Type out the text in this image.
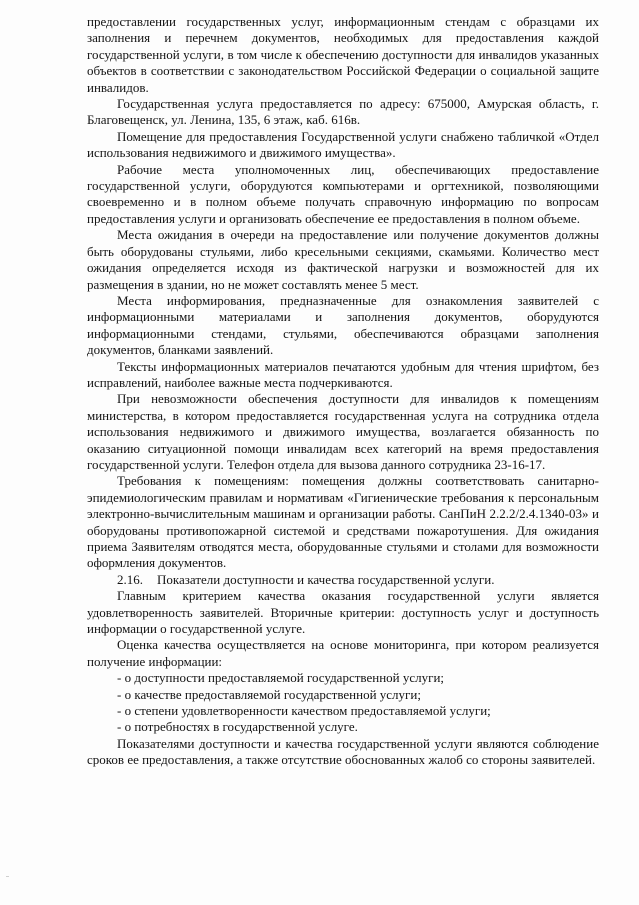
предоставлении государственных услуг, информационным стендам с образцами их заполнения и перечнем документов, необходимых для предоставления каждой государственной услуги, в том числе к обеспечению доступности для инвалидов указанных объектов в соответствии с законодательством Российской Федерации о социальной защите инвалидов.

Государственная услуга предоставляется по адресу: 675000, Амурская область, г. Благовещенск, ул. Ленина, 135, 6 этаж, каб. 616в.

Помещение для предоставления Государственной услуги снабжено табличкой «Отдел использования недвижимого и движимого имущества».

Рабочие места уполномоченных лиц, обеспечивающих предоставление государственной услуги, оборудуются компьютерами и оргтехникой, позволяющими своевременно и в полном объеме получать справочную информацию по вопросам предоставления услуги и организовать обеспечение ее предоставления в полном объеме.

Места ожидания в очереди на предоставление или получение документов должны быть оборудованы стульями, либо кресельными секциями, скамьями. Количество мест ожидания определяется исходя из фактической нагрузки и возможностей для их размещения в здании, но не может составлять менее 5 мест.

Места информирования, предназначенные для ознакомления заявителей с информационными материалами и заполнения документов, оборудуются информационными стендами, стульями, обеспечиваются образцами заполнения документов, бланками заявлений.

Тексты информационных материалов печатаются удобным для чтения шрифтом, без исправлений, наиболее важные места подчеркиваются.

При невозможности обеспечения доступности для инвалидов к помещениям министерства, в котором предоставляется государственная услуга на сотрудника отдела использования недвижимого и движимого имущества, возлагается обязанность по оказанию ситуационной помощи инвалидам всех категорий на время предоставления государственной услуги. Телефон отдела для вызова данного сотрудника 23-16-17.

Требования к помещениям: помещения должны соответствовать санитарно-эпидемиологическим правилам и нормативам «Гигиенические требования к персональным электронно-вычислительным машинам и организации работы. СанПиН 2.2.2/2.4.1340-03» и оборудованы противопожарной системой и средствами пожаротушения. Для ожидания приема Заявителям отводятся места, оборудованные стульями и столами для возможности оформления документов.

2.16. Показатели доступности и качества государственной услуги.

Главным критерием качества оказания государственной услуги является удовлетворенность заявителей. Вторичные критерии: доступность услуг и доступность информации о государственной услуге.

Оценка качества осуществляется на основе мониторинга, при котором реализуется получение информации:

- о доступности предоставляемой государственной услуги;

- о качестве предоставляемой государственной услуги;

- о степени удовлетворенности качеством предоставляемой услуги;

- о потребностях в государственной услуге.

Показателями доступности и качества государственной услуги являются соблюдение сроков ее предоставления, а также отсутствие обоснованных жалоб со стороны заявителей.
